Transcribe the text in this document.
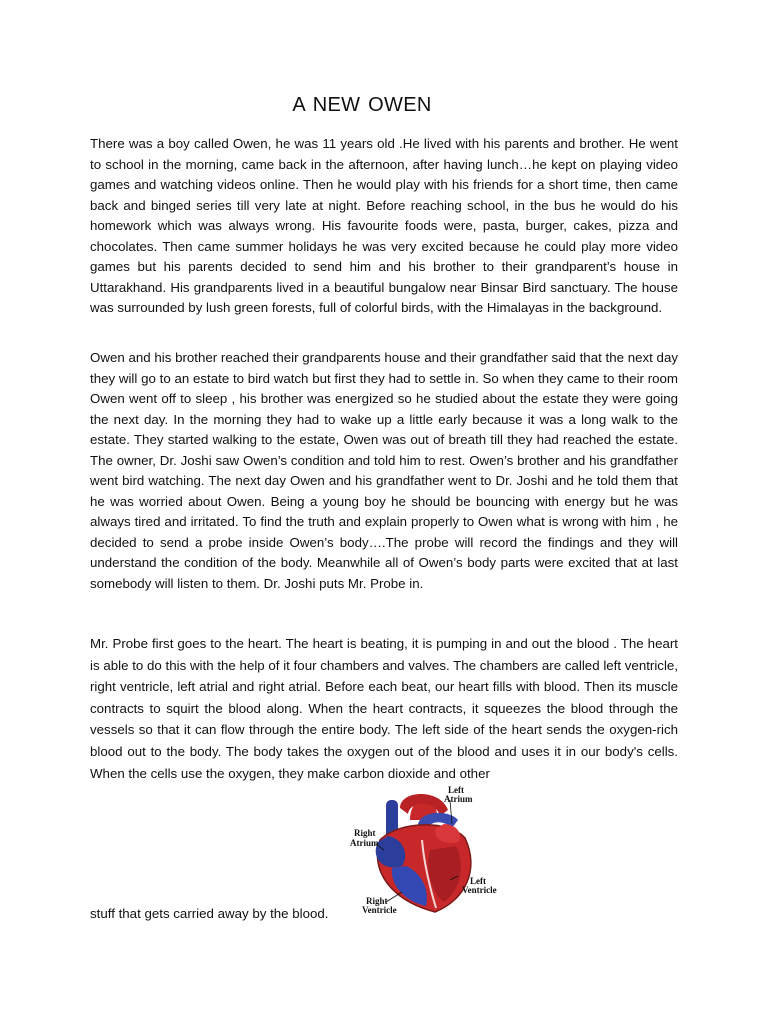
A NEW OWEN

There was a boy called Owen, he was 11 years old .He lived with his parents and brother. He went to school in the morning, came back in the afternoon, after having lunch…he kept on playing video games and watching videos online. Then he would play with his friends for a short time, then came back and binged series till very late at night. Before reaching school, in the bus he would do his homework which was always wrong. His favourite foods were, pasta, burger, cakes, pizza and chocolates. Then came summer holidays he was very excited because he could play more video games but his parents decided to send him and his brother to their grandparent’s house in Uttarakhand. His grandparents lived in a beautiful bungalow near Binsar Bird sanctuary. The house was surrounded by lush green forests, full of colorful birds, with the Himalayas in the background.

Owen and his brother reached their grandparents house and their grandfather said that the next day they will go to an estate to bird watch but first they had to settle in. So when they came to their room Owen went off to sleep , his brother was energized so he studied about the estate they were going the next day. In the morning they had to wake up a little early because it was a long walk to the estate. They started walking to the estate, Owen was out of breath till they had reached the estate. The owner, Dr. Joshi saw Owen’s condition and told him to rest. Owen’s brother and his grandfather went bird watching. The next day Owen and his grandfather went to Dr. Joshi and he told them that he was worried about Owen. Being a young boy he should be bouncing with energy but he was always tired and irritated. To find the truth and explain properly to Owen what is wrong with him , he decided to send a probe inside Owen’s body….The probe will record the findings and they will understand the condition of the body. Meanwhile all of Owen’s body parts were excited that at last somebody will listen to them. Dr. Joshi puts Mr. Probe in.

Mr. Probe first goes to the heart. The heart is beating, it is pumping in and out the blood . The heart is able to do this with the help of it four chambers and valves. The chambers are called left ventricle, right ventricle, left atrial and right atrial. Before each beat, our heart fills with blood. Then its muscle contracts to squirt the blood along. When the heart contracts, it squeezes the blood through the vessels so that it can flow through the entire body. The left side of the heart sends the oxygen-rich blood out to the body. The body takes the oxygen out of the blood and uses it in our body's cells. When the cells use the oxygen, they make carbon dioxide and other

stuff that gets carried away by the blood.
Left
Atrium
Right
Atrium
Left
Ventricle
Right
Ventricle
